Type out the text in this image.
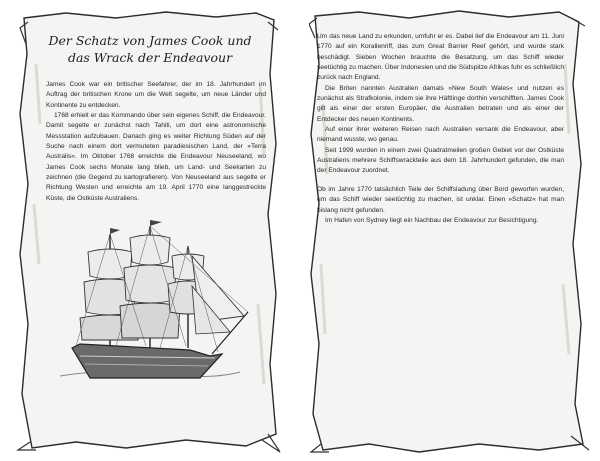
Der Schatz von James Cook und
das Wrack der Endeavour

James Cook war ein britischer Seefahrer, der im 18. Jahrhundert im Auftrag der britischen Krone um die Welt segelte, um neue Länder und Kontinente zu entdecken.

1768 erhielt er das Kommando über sein eigenes Schiff, die Endeavour. Damit segelte er zunächst nach Tahiti, um dort eine astronomische Messstation aufzubauen. Danach ging es weiter Richtung Süden auf der Suche nach einem dort vermuteten paradiesischen Land, der »Terra Australis«. Im Oktober 1768 erreichte die Endeavour Neuseeland, wo James Cook sechs Monate lang blieb, um Land- und Seekarten zu zeichnen (die Gegend zu kartografieren). Von Neuseeland aus segelte er Richtung Westen und erreichte am 19. April 1770 eine langgestreckte Küste, die Ostküste Australiens.

Um das neue Land zu erkunden, umfuhr er es. Dabei lief die Endeavour am 11. Juni 1770 auf ein Korallenriff, das zum Great Barrier Reef gehört, und wurde stark beschädigt. Sieben Wochen brauchte die Besatzung, um das Schiff wieder seetüchtig zu machen. Über Indonesien und die Südspitze Afrikas fuhr es schließlich zurück nach England.

Die Briten nannten Australien damals »New South Wales« und nutzen es zunächst als Strafkolonie, indem sie ihre Häftlinge dorthin verschifften. James Cook gilt als einer der ersten Europäer, die Australien betraten und als einer der Entdecker des neuen Kontinents.

Auf einer ihrer weiteren Reisen nach Australien versank die Endeavour, aber niemand wusste, wo genau.

Seit 1999 wurden in einem zwei Quadratmeilen großen Gebiet vor der Ostküste Australiens mehrere Schiffswrackteile aus dem 18. Jahrhundert gefunden, die man der Endeavour zuordnet.

Ob im Jahre 1770 tatsächlich Teile der Schiffsladung über Bord geworfen wurden, um das Schiff wieder seetüchtig zu machen, ist unklar. Einen »Schatz« hat man bislang nicht gefunden.

Im Hafen von Sydney liegt ein Nachbau der Endeavour zur Besichtigung.
